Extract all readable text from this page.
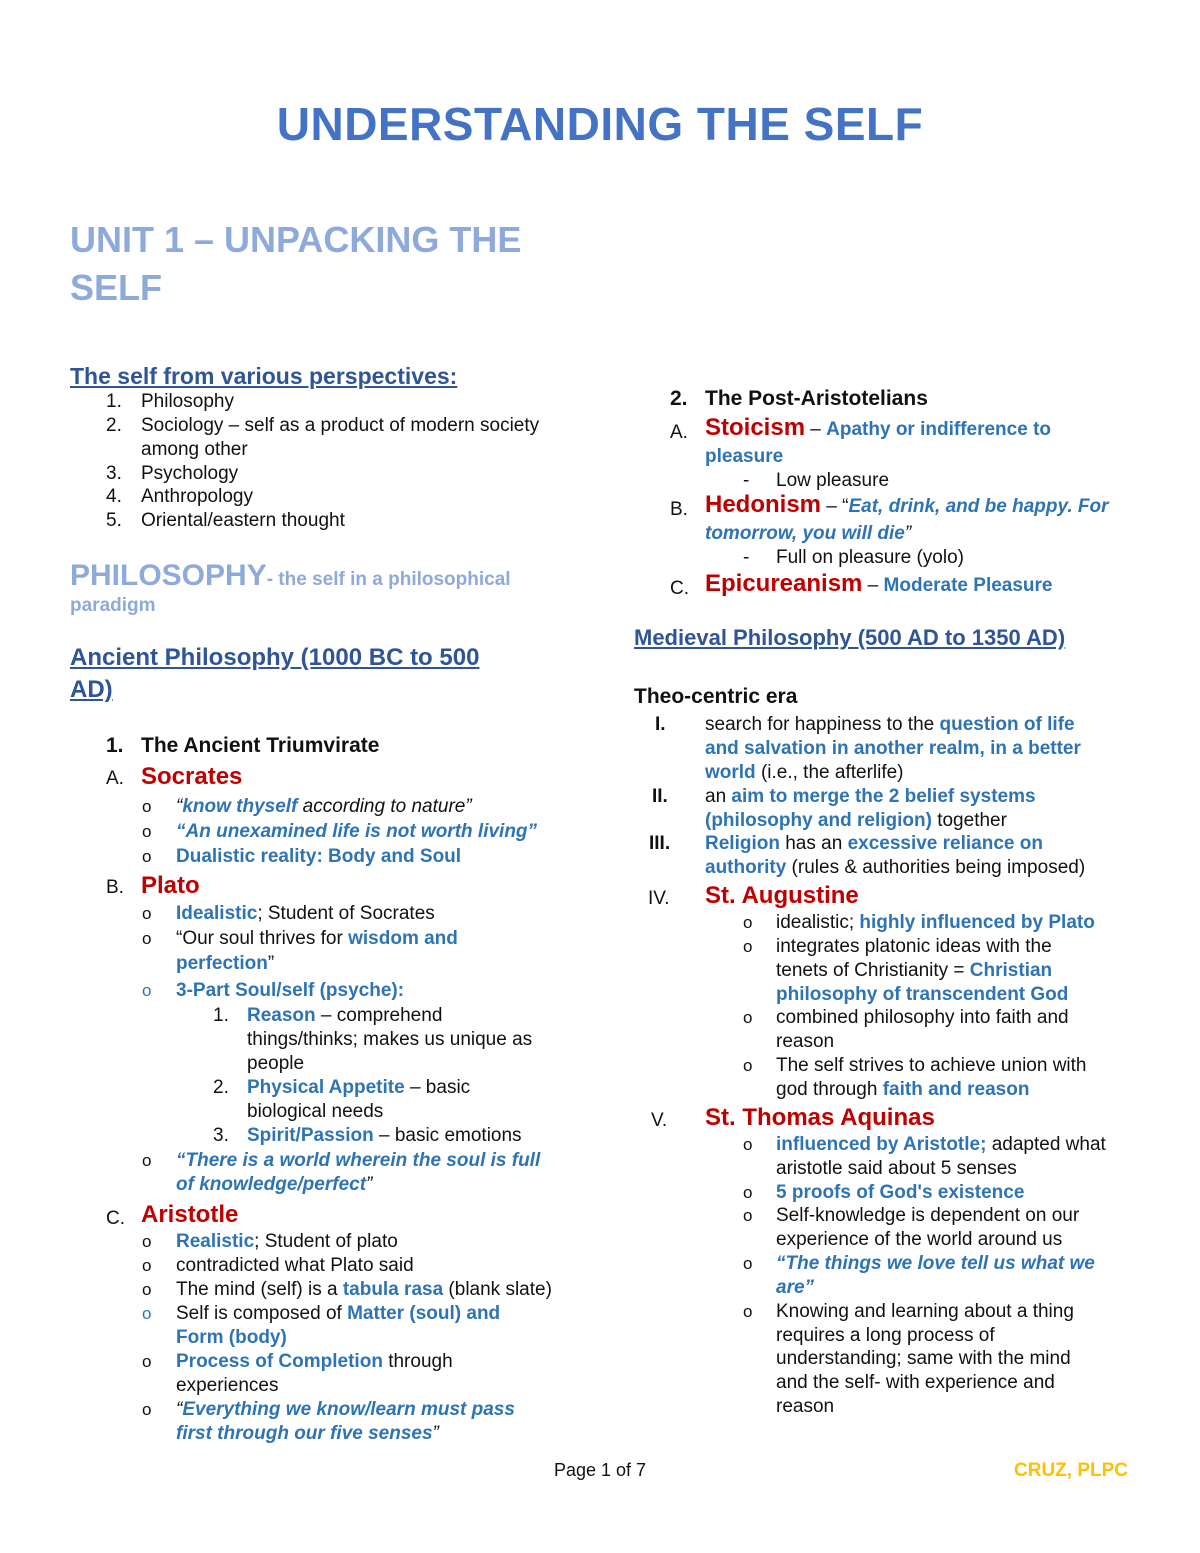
UNDERSTANDING THE SELF
UNIT 1 – UNPACKING THE SELF
The self from various perspectives:
1. Philosophy
2. Sociology – self as a product of modern society
among other
3. Psychology
4. Anthropology
5. Oriental/eastern thought
PHILOSOPHY- the self in a philosophical
paradigm
Ancient Philosophy (1000 BC to 500
AD)
1. The Ancient Triumvirate
A. Socrates
o “know thyself according to nature”
o “An unexamined life is not worth living”
o Dualistic reality: Body and Soul
B. Plato
o Idealistic; Student of Socrates
o “Our soul thrives for wisdom and
perfection”
o 3-Part Soul/self (psyche):
1. Reason – comprehend
things/thinks; makes us unique as
people
2. Physical Appetite – basic
biological needs
3. Spirit/Passion – basic emotions
o “There is a world wherein the soul is full
of knowledge/perfect”
C. Aristotle
o Realistic; Student of plato
o contradicted what Plato said
o The mind (self) is a tabula rasa (blank slate)
o Self is composed of Matter (soul) and
Form (body)
o Process of Completion through
experiences
o “Everything we know/learn must pass
first through our five senses”
2. The Post-Aristotelians
A. Stoicism – Apathy or indifference to
pleasure
- Low pleasure
B. Hedonism – “Eat, drink, and be happy. For
tomorrow, you will die”
- Full on pleasure (yolo)
C. Epicureanism – Moderate Pleasure
Medieval Philosophy (500 AD to 1350 AD)
Theo-centric era
I. search for happiness to the question of life
and salvation in another realm, in a better
world (i.e., the afterlife)
II. an aim to merge the 2 belief systems
(philosophy and religion) together
III. Religion has an excessive reliance on
authority (rules & authorities being imposed)
IV. St. Augustine
o idealistic; highly influenced by Plato
o integrates platonic ideas with the
tenets of Christianity = Christian
philosophy of transcendent God
o combined philosophy into faith and
reason
o The self strives to achieve union with
god through faith and reason
V. St. Thomas Aquinas
o influenced by Aristotle; adapted what
aristotle said about 5 senses
o 5 proofs of God's existence
o Self-knowledge is dependent on our
experience of the world around us
o “The things we love tell us what we
are”
o Knowing and learning about a thing
requires a long process of
understanding; same with the mind
and the self- with experience and
reason
Page 1 of 7	CRUZ, PLPC
